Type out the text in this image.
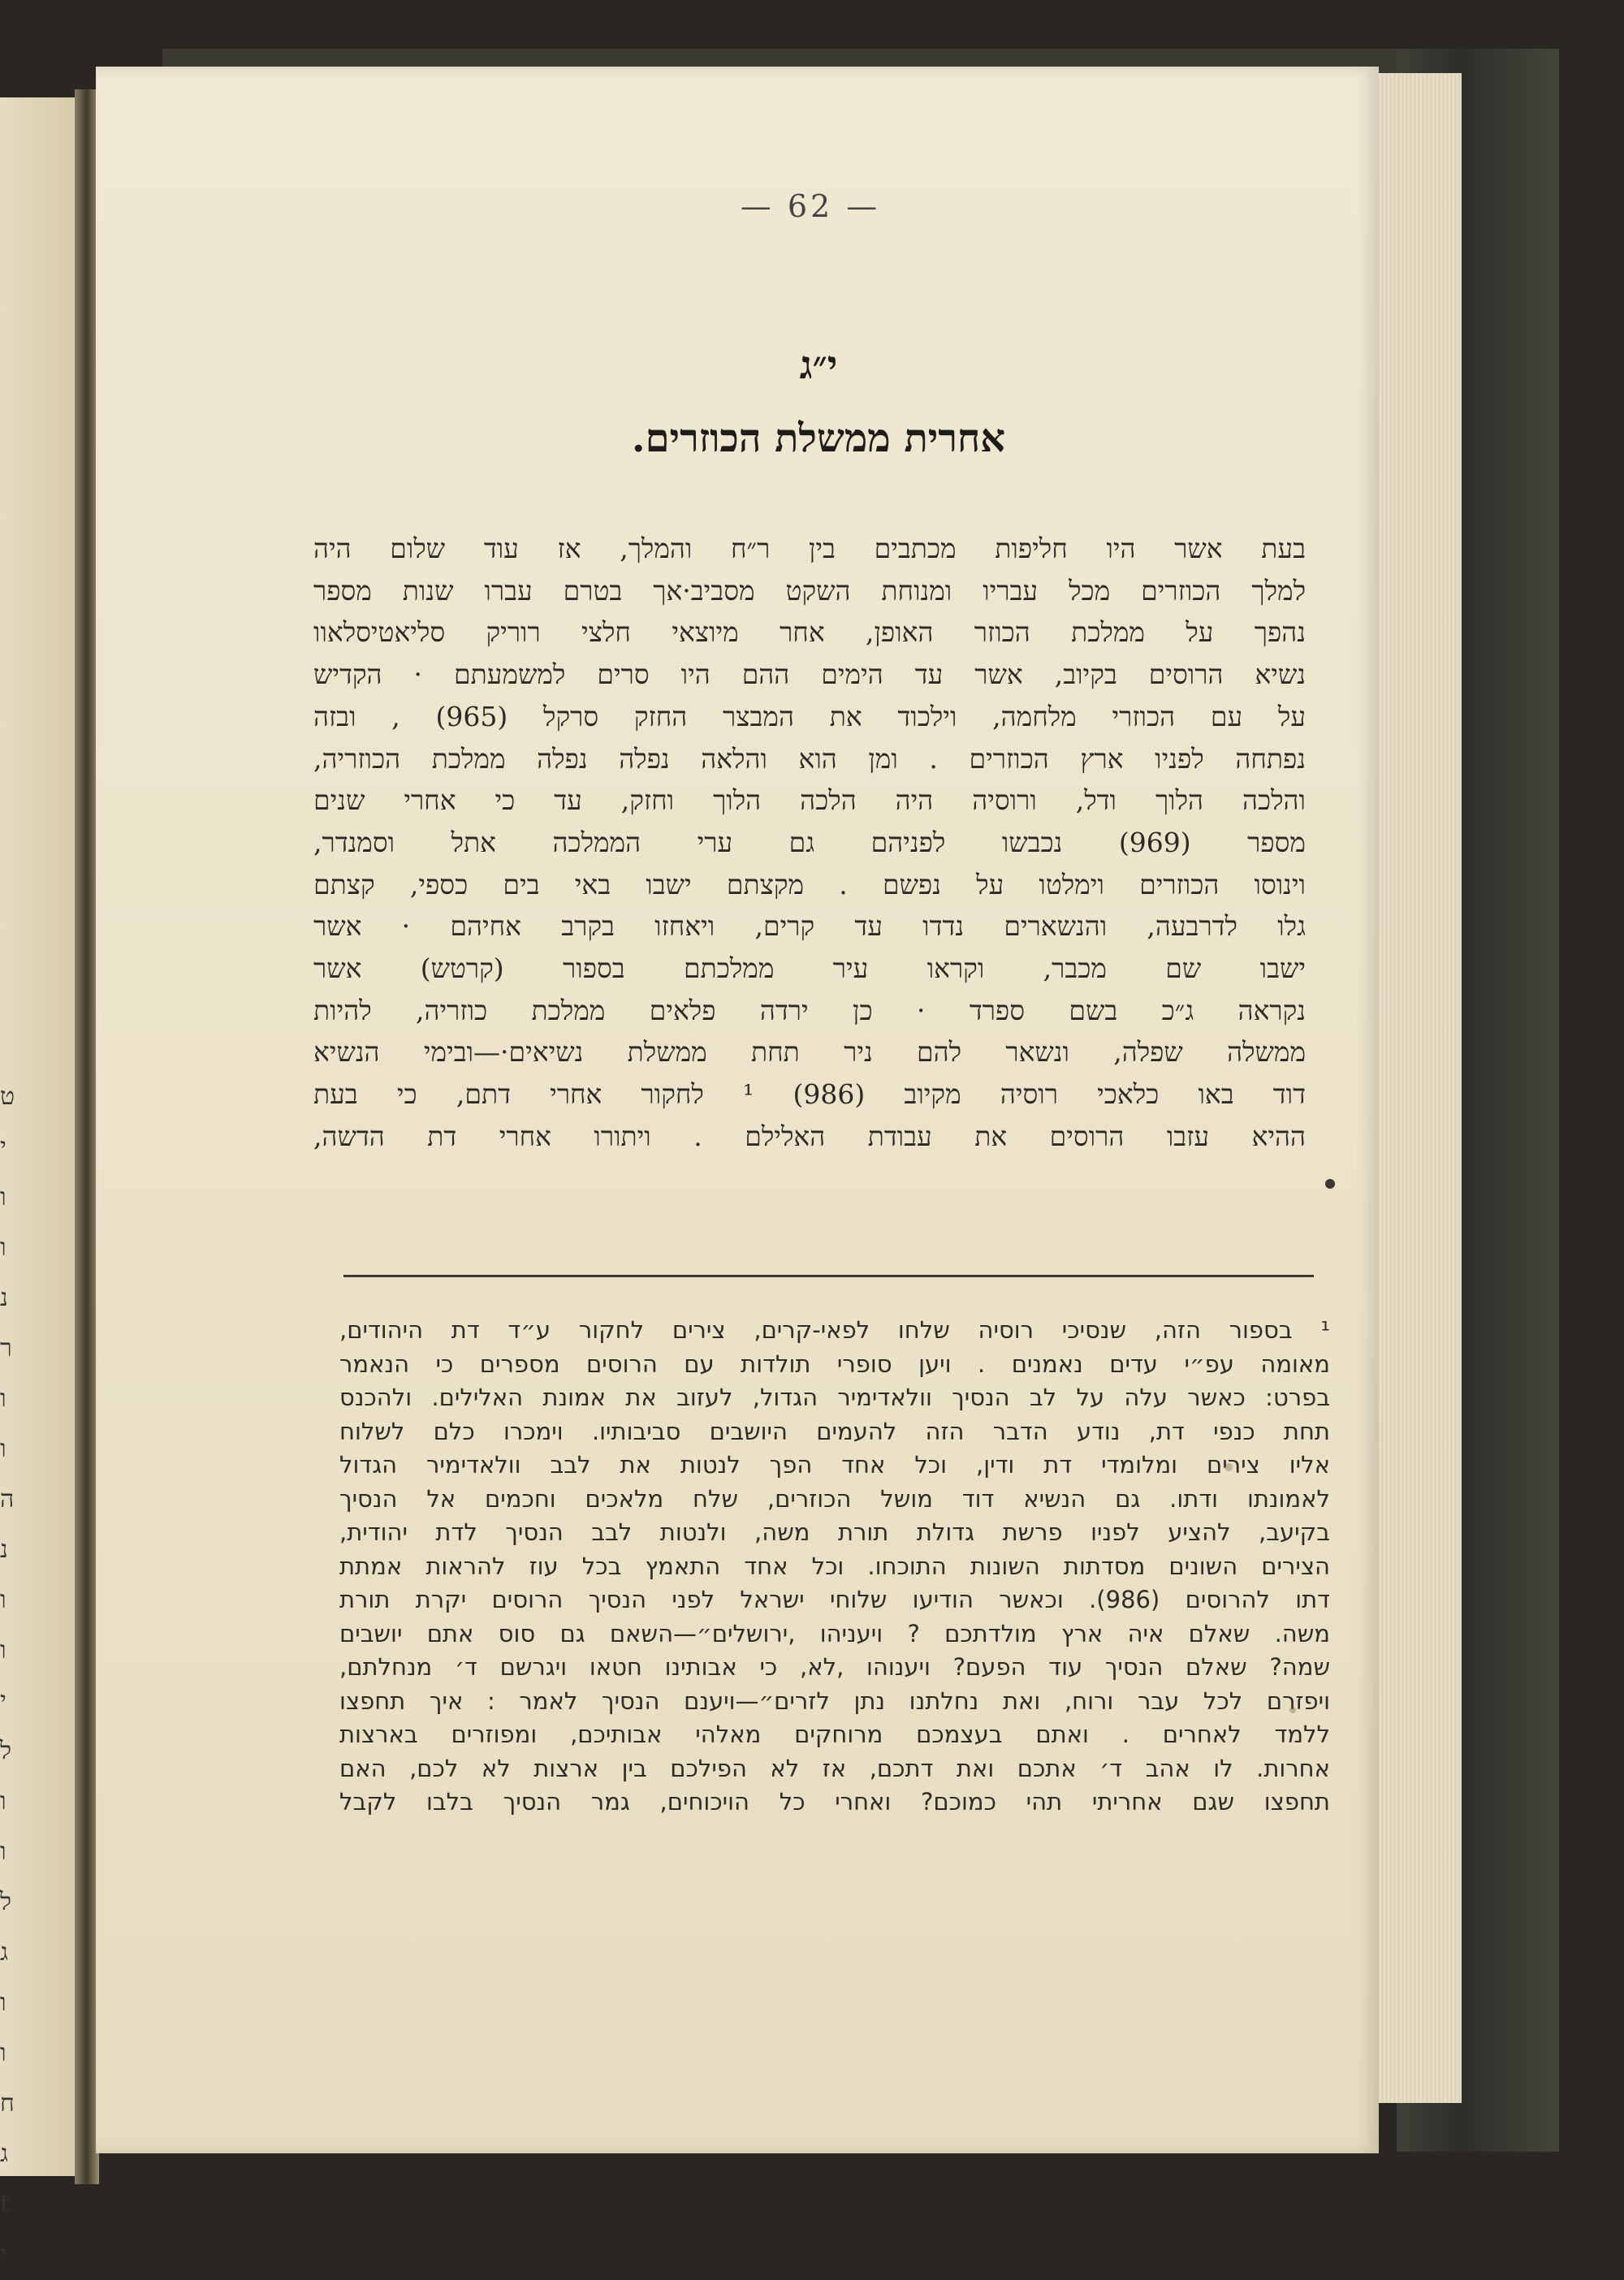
ט
י
ו
ו
נ
ר
ו
ו
ה
נ
ו
ו
י
ל
ו
ו
ל
ג
ו
ו
ח
ג
t
י
— 62 —
י״ג
אחרית ממשלת הכוזרים.
בעת אשר היו חליפות מכתבים בין ר״ח והמלך, אז עוד שלום היה
למלך הכוזרים מכל עבריו ומנוחת השקט מסביב·אך בטרם עברו שנות מספר
נהפך על ממלכת הכוזר האופן, אחר מיוצאי חלצי רוריק סליאטיסלאוו
נשיא הרוסים בקיוב, אשר עד הימים ההם היו סרים למשמעתם · הקדיש
על עם הכוזרי מלחמה, וילכוד את המבצר החזק סרקל (965) , ובזה
נפתחה לפניו ארץ הכוזרים . ומן הוא והלאה נפלה נפלה ממלכת הכוזריה,
והלכה הלוך ודל, ורוסיה היה הלכה הלוך וחזק, עד כי אחרי שנים
מספר (969) נכבשו לפניהם גם ערי הממלכה אתל וסמנדר,
וינוסו הכוזרים וימלטו על נפשם . מקצתם ישבו באי בים כספי, קצתם
גלו לדרבעה, והנשארים נדדו עד קרים, ויאחזו בקרב אחיהם · אשר
ישבו שם מכבר, וקראו עיר ממלכתם בספור (קרטש) אשר
נקראה ג״כ בשם ספרד · כן ירדה פלאים ממלכת כוזריה, להיות
ממשלה שפלה, ונשאר להם ניר תחת ממשלת נשיאים·—ובימי הנשיא
דוד באו כלאכי רוסיה מקיוב (986) ¹ לחקור אחרי דתם, כי בעת
ההיא עזבו הרוסים את עבודת האלילם . ויתורו אחרי דת הדשה,
¹ בספור הזה, שנסיכי רוסיה שלחו לפאי-קרים, צירים לחקור ע״ד דת היהודים,
מאומה עפ״י עדים נאמנים . ויען סופרי תולדות עם הרוסים מספרים כי הנאמר
בפרט: כאשר עלה על לב הנסיך וולאדימיר הגדול, לעזוב את אמונת האלילים. ולהכנס
תחת כנפי דת, נודע הדבר הזה להעמים היושבים סביבותיו. וימכרו כלם לשלוח
אליו צירים ומלומדי דת ודין, וכל אחד הפך לנטות את לבב וולאדימיר הגדול
לאמונתו ודתו. גם הנשיא דוד מושל הכוזרים, שלח מלאכים וחכמים אל הנסיך
בקיעב, להציע לפניו פרשת גדולת תורת משה, ולנטות לבב הנסיך לדת יהודית,
הצירים השונים מסדתות השונות התוכחו. וכל אחד התאמץ בכל עוז להראות אמתת
דתו להרוסים (986). וכאשר הודיעו שלוחי ישראל לפני הנסיך הרוסים יקרת תורת
משה. שאלם איה ארץ מולדתכם ? ויעניהו ,ירושלים״—השאם גם סוס אתם יושבים
שמה? שאלם הנסיך עוד הפעם? ויענוהו ,לא, כי אבותינו חטאו ויגרשם ד׳ מנחלתם,
ויפזרם לכל עבר ורוח, ואת נחלתנו נתן לזרים״—ויענם הנסיך לאמר : איך תחפצו
ללמד לאחרים . ואתם בעצמכם מרוחקים מאלהי אבותיכם, ומפוזרים בארצות
אחרות. לו אהב ד׳ אתכם ואת דתכם, אז לא הפילכם בין ארצות לא לכם, האם
תחפצו שגם אחריתי תהי כמוכם? ואחרי כל הויכוחים, גמר הנסיך בלבו לקבל
